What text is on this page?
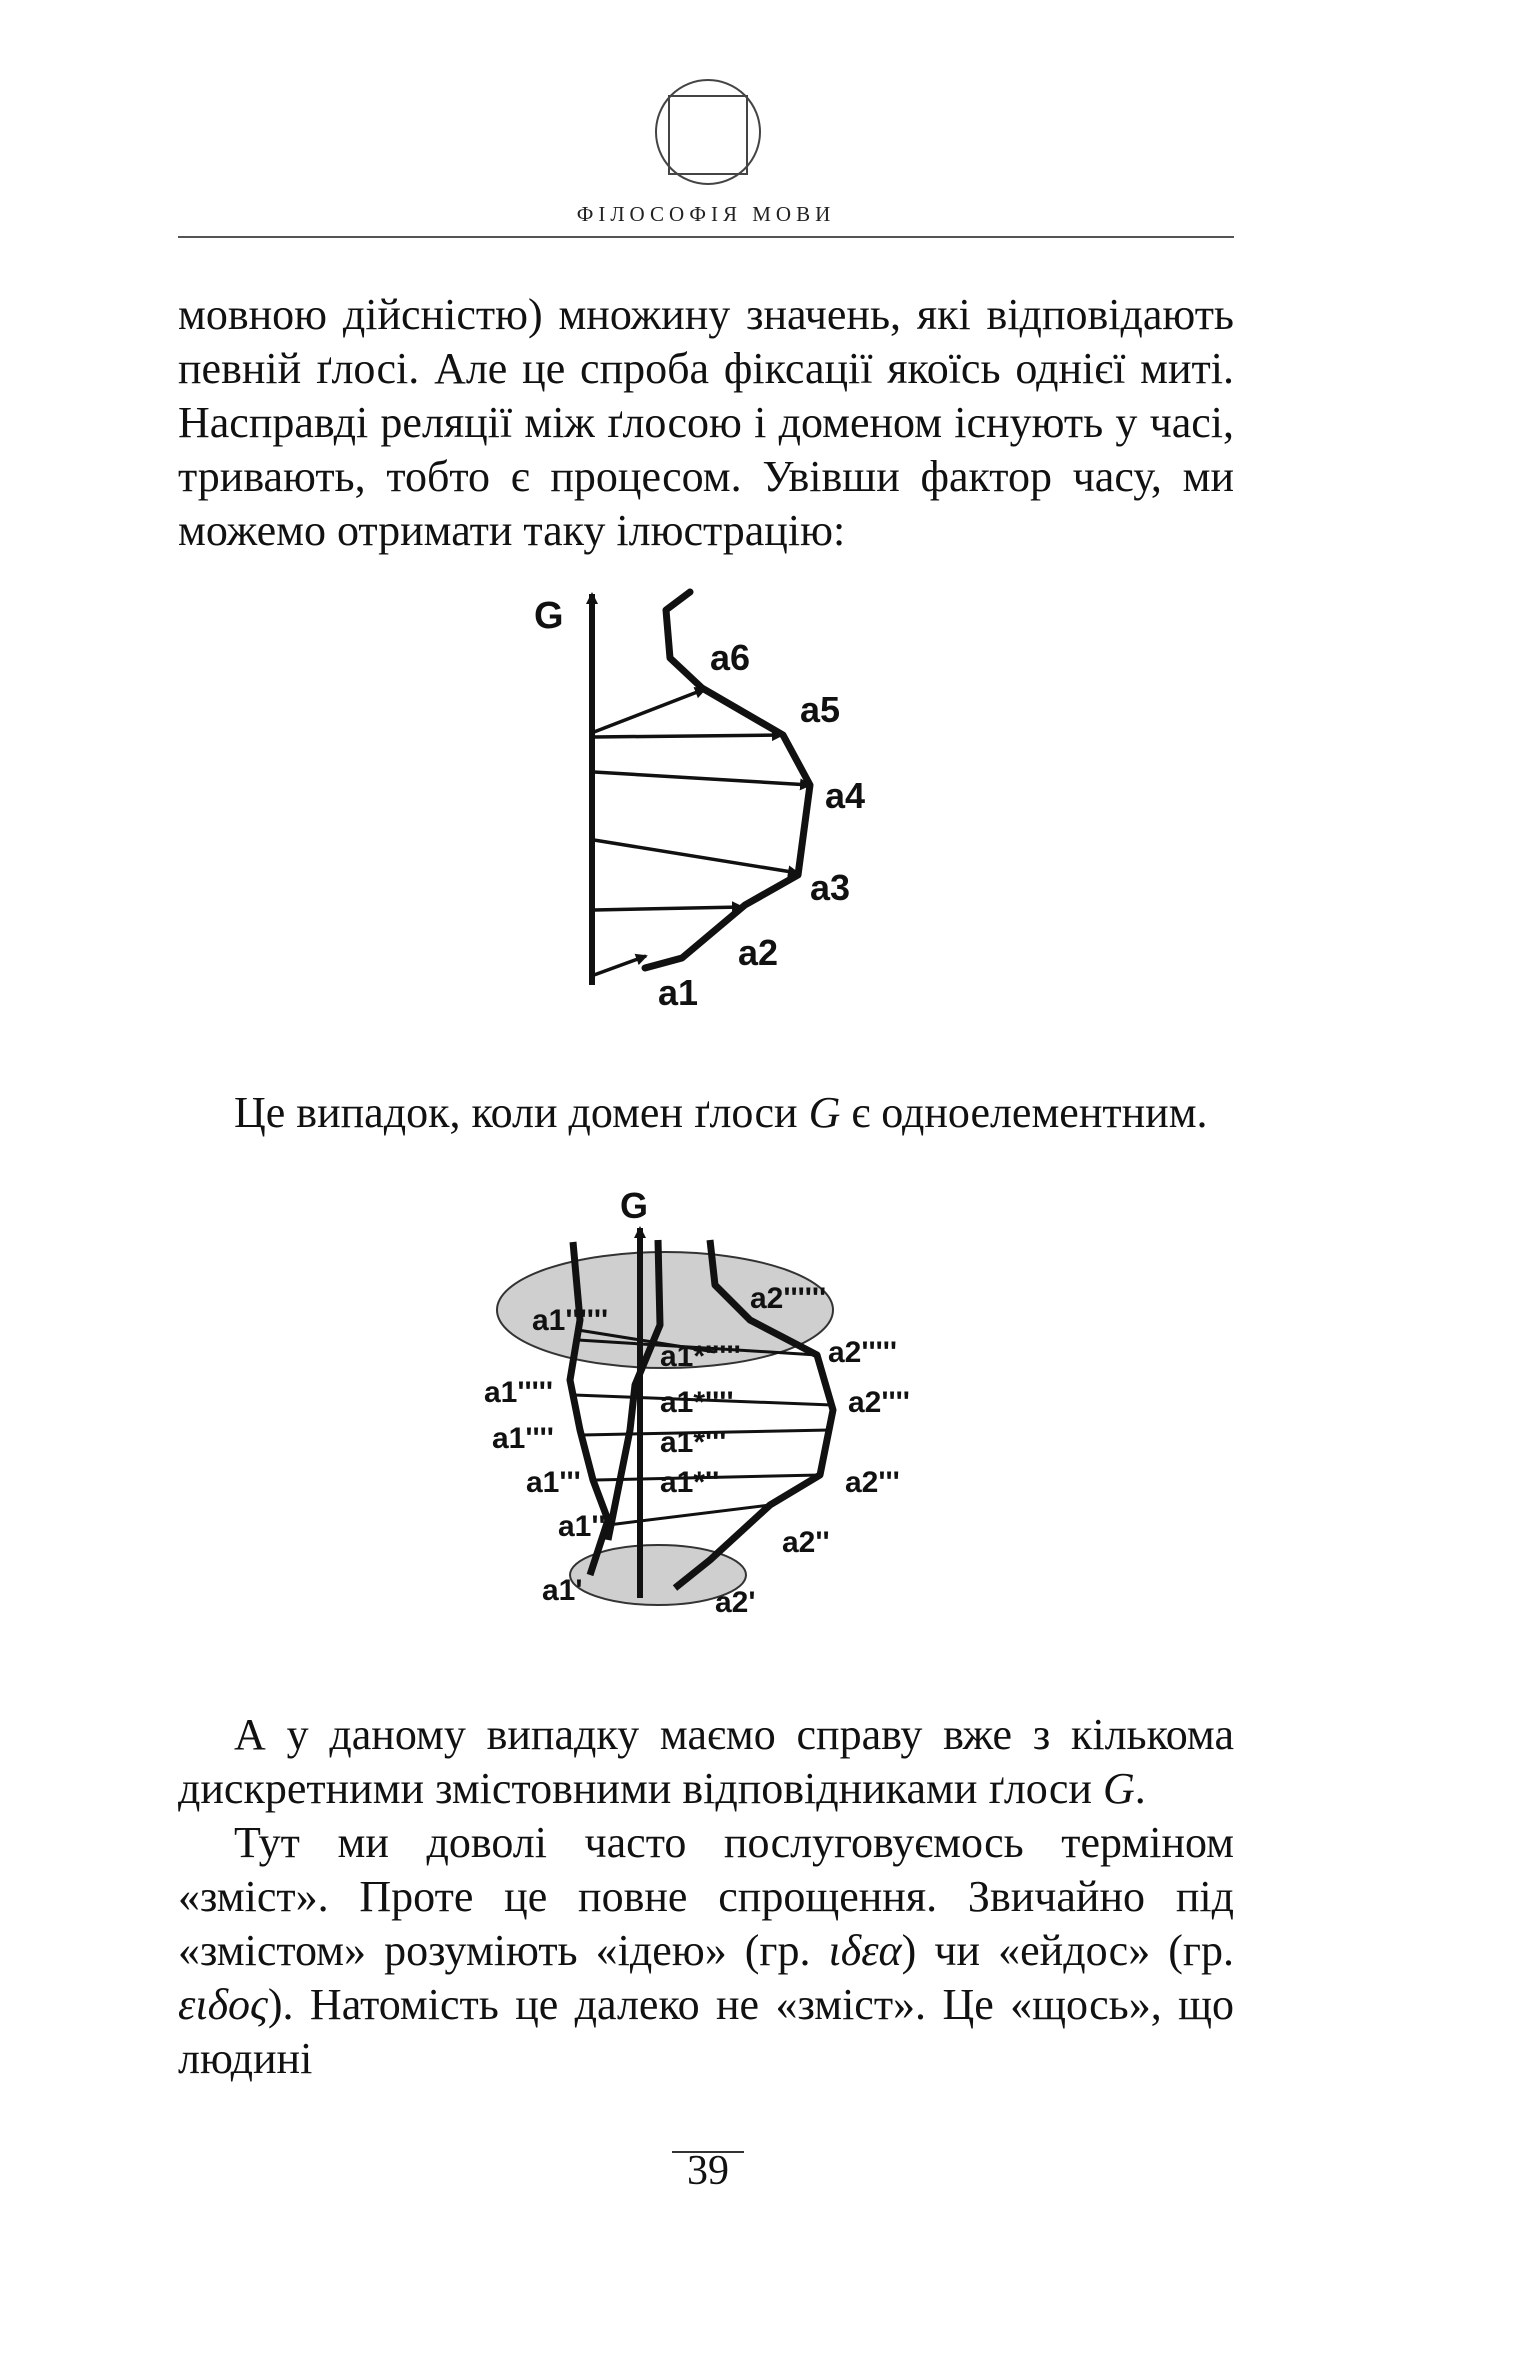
ФІЛОСОФІЯ МОВИ

мовною дійсністю) множину значень, які відповідають певній ґлосі. Але це спроба фіксації якоїсь однієї миті. Насправді реляції між ґлосою і доменом існують у часі, тривають, тобто є процесом. Увівши фактор часу, ми можемо отримати таку ілюстрацію:

G
a1
a2
a3
a4
a5
a6

Це випадок, коли домен ґлоси G є одноелементним.

G
a1''''''
a1'''''
a1''''
a1'''
a1''
a1'
a1*'''''
a1*''''
a1*'''
a1*''
a2''''''
a2'''''
a2''''
a2'''
a2''
a2'

А у даному випадку маємо справу вже з кількома дискретними змістовними відповідниками ґлоси G.

Тут ми доволі часто послуговуємось терміном «зміст». Проте це повне спрощення. Звичайно під «змістом» розуміють «ідею» (гр. ιδεα) чи «ейдос» (гр. ειδος). Натомість це далеко не «зміст». Це «щось», що людині

39
